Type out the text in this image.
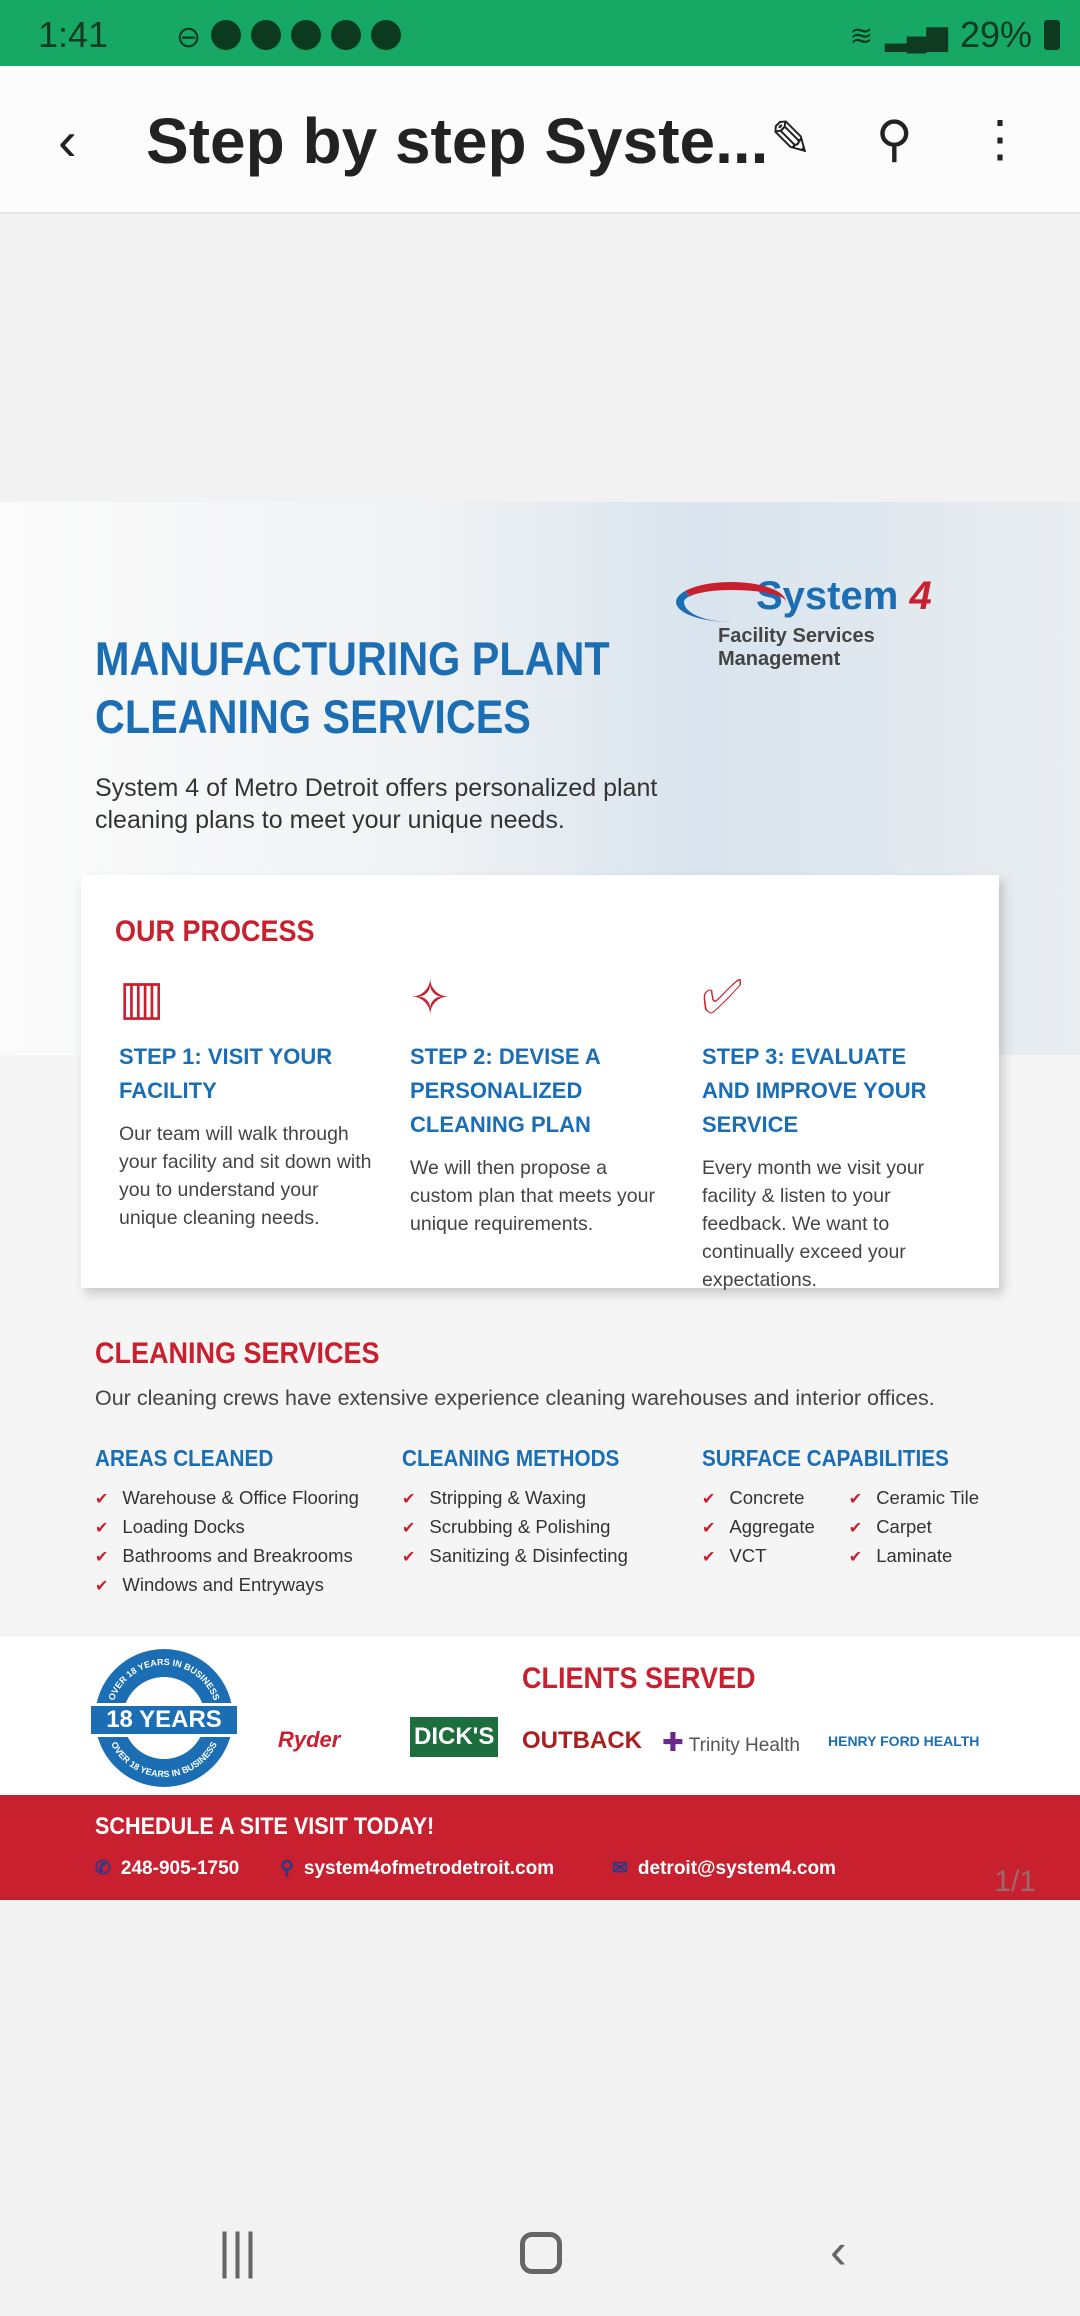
1:41 ⊖	≋ ▂▄▆ 29%
‹ Step by step Syste... ✎ ⚲ ⋮
System 4
Facility Services Management
MANUFACTURING PLANT
CLEANING SERVICES
System 4 of Metro Detroit offers personalized plant cleaning plans to meet your unique needs.
OUR PROCESS
▥
STEP 1: VISIT YOUR FACILITY
Our team will walk through your facility and sit down with you to understand your unique cleaning needs.
✧
STEP 2: DEVISE A PERSONALIZED CLEANING PLAN
We will then propose a custom plan that meets your unique requirements.
✅︎
STEP 3: EVALUATE AND IMPROVE YOUR SERVICE
Every month we visit your facility & listen to your feedback. We want to continually exceed your expectations.
CLEANING SERVICES
Our cleaning crews have extensive experience cleaning warehouses and interior offices.
AREAS CLEANED
✔ Warehouse & Office Flooring
✔ Loading Docks
✔ Bathrooms and Breakrooms
✔ Windows and Entryways
CLEANING METHODS
✔ Stripping & Waxing
✔ Scrubbing & Polishing
✔ Sanitizing & Disinfecting
SURFACE CAPABILITIES
✔ Concrete
✔ Aggregate
✔ VCT
✔ Ceramic Tile
✔ Carpet
✔ Laminate
OVER 18 YEARS IN BUSINESS
OVER 18 YEARS IN BUSINESS
18 YEARS
CLIENTS SERVED
Ryder	DICK'S OUTBACK ✚ Trinity Health HENRY FORD HEALTH
SCHEDULE A SITE VISIT TODAY!
✆ 248-905-1750 ⚲ system4ofmetrodetroit.com	✉ detroit@system4.com	1/1
|||	‹
